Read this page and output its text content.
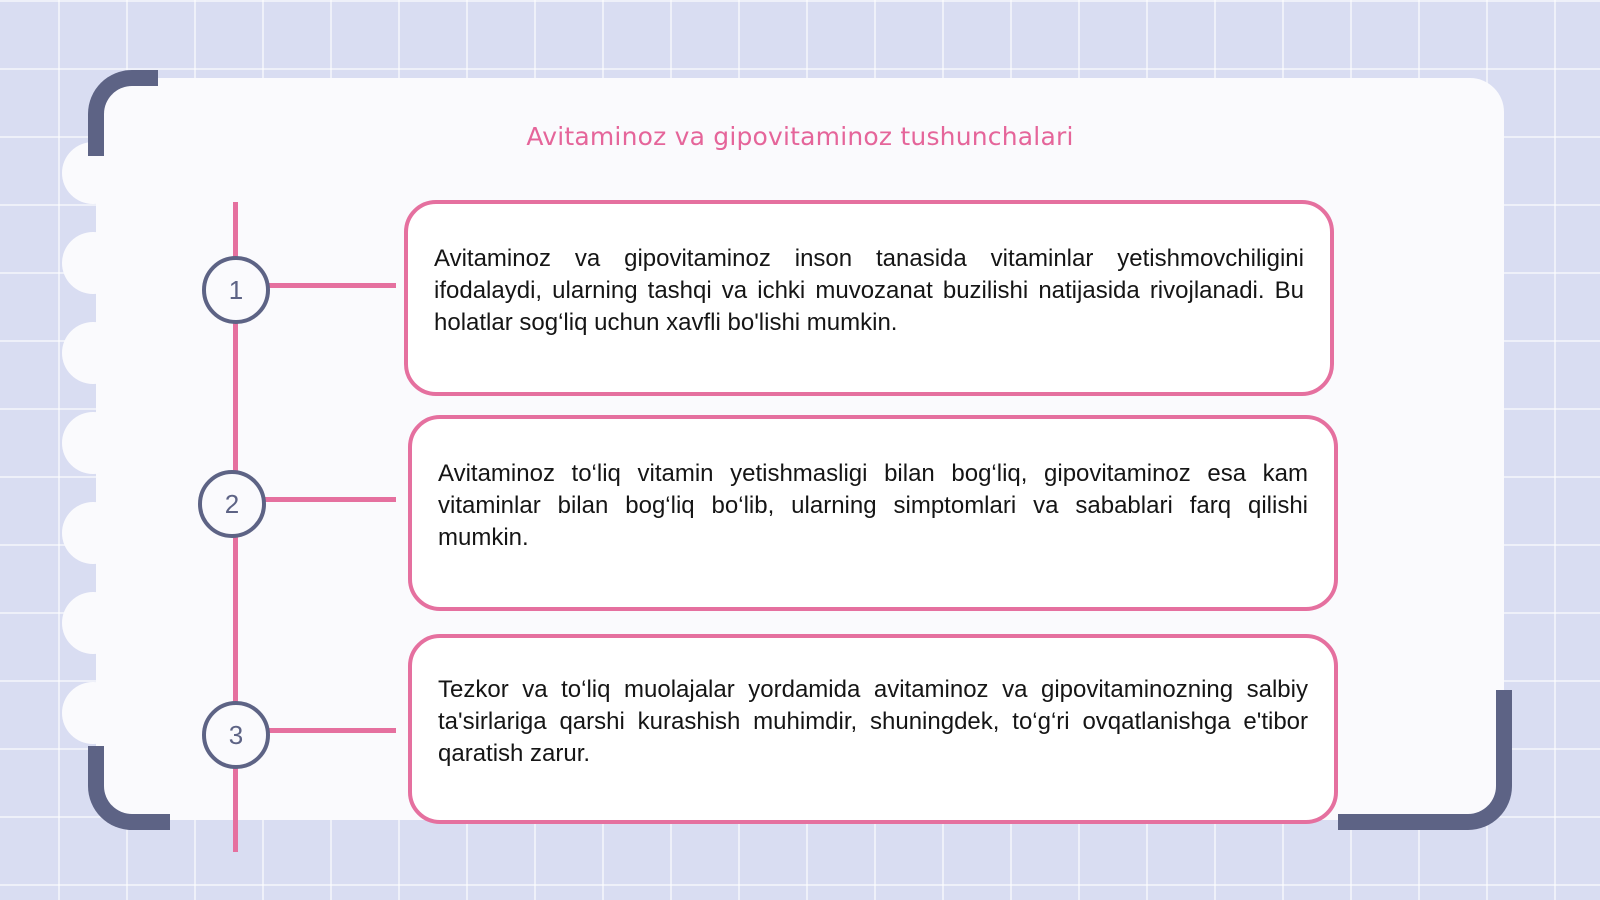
Avitaminoz va gipovitaminoz tushunchalari
1
Avitaminoz va gipovitaminoz inson tanasida vitaminlar yetishmovchiligini ifodalaydi, ularning tashqi va ichki muvozanat buzilishi natijasida rivojlanadi. Bu holatlar sog‘liq uchun xavfli bo'lishi mumkin.
2
Avitaminoz to‘liq vitamin yetishmasligi bilan bog‘liq, gipovitaminoz esa kam vitaminlar bilan bog‘liq bo‘lib, ularning simptomlari va sabablari farq qilishi mumkin.
3
Tezkor va to‘liq muolajalar yordamida avitaminoz va gipovitaminozning salbiy ta'sirlariga qarshi kurashish muhimdir, shuningdek, to‘g‘ri ovqatlanishga e'tibor qaratish zarur.
